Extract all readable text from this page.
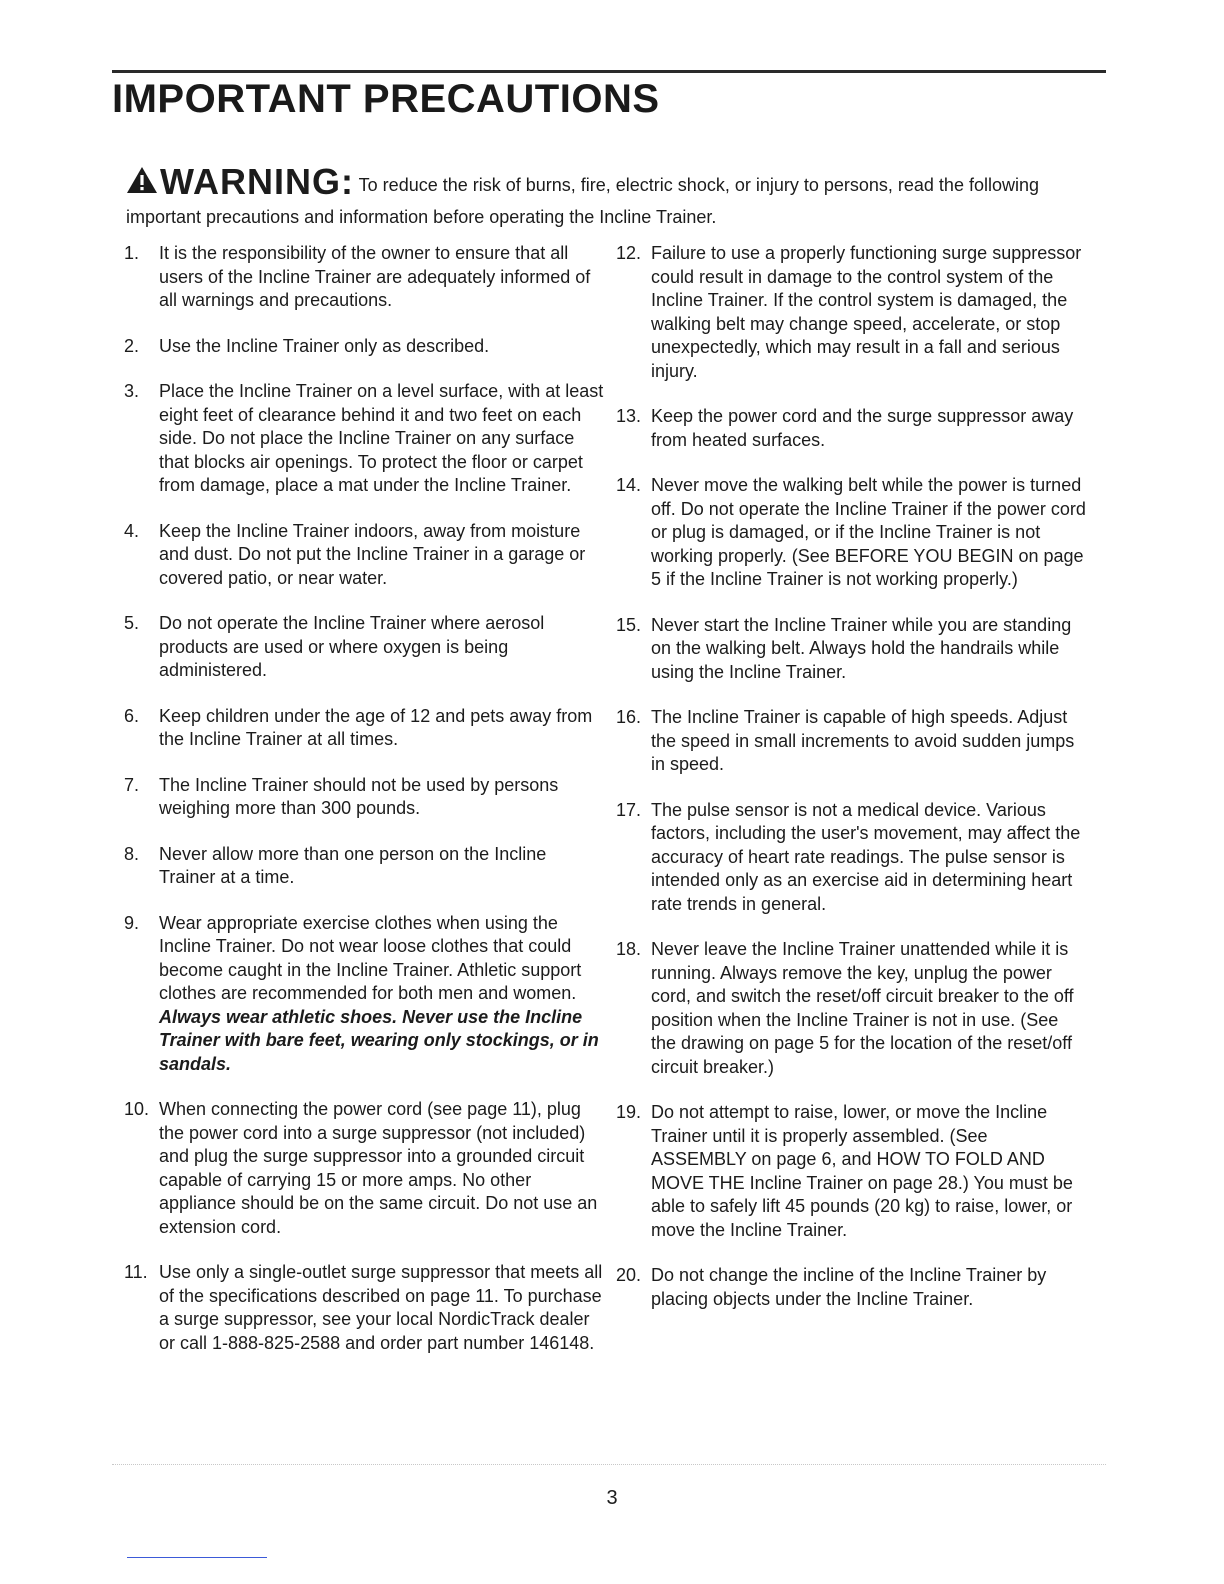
IMPORTANT PRECAUTIONS

WARNING: To reduce the risk of burns, fire, electric shock, or injury to persons, read the following important precautions and information before operating the Incline Trainer.

1.	It is the responsibility of the owner to ensure that all users of the Incline Trainer are adequately informed of all warnings and precautions.
2.	Use the Incline Trainer only as described.
3.	Place the Incline Trainer on a level surface, with at least eight feet of clearance behind it and two feet on each side. Do not place the Incline Trainer on any surface that blocks air openings. To protect the floor or carpet from damage, place a mat under the Incline Trainer.
4.	Keep the Incline Trainer indoors, away from moisture and dust. Do not put the Incline Trainer in a garage or covered patio, or near water.
5.	Do not operate the Incline Trainer where aerosol products are used or where oxygen is being administered.
6.	Keep children under the age of 12 and pets away from the Incline Trainer at all times.
7.	The Incline Trainer should not be used by persons weighing more than 300 pounds.
8.	Never allow more than one person on the Incline Trainer at a time.
9.	Wear appropriate exercise clothes when using the Incline Trainer. Do not wear loose clothes that could become caught in the Incline Trainer. Athletic support clothes are recommended for both men and women. Always wear athletic shoes. Never use the Incline Trainer with bare feet, wearing only stockings, or in sandals.
10. When connecting the power cord (see page 11), plug the power cord into a surge suppressor (not included) and plug the surge suppressor into a grounded circuit capable of carrying 15 or more amps. No other appliance should be on the same circuit. Do not use an extension cord.
11. Use only a single-outlet surge suppressor that meets all of the specifications described on page 11. To purchase a surge suppressor, see your local NordicTrack dealer or call 1-888-825-2588 and order part number 146148.
12. Failure to use a properly functioning surge suppressor could result in damage to the control system of the Incline Trainer. If the control system is damaged, the walking belt may change speed, accelerate, or stop unexpectedly, which may result in a fall and serious injury.
13. Keep the power cord and the surge suppressor away from heated surfaces.
14. Never move the walking belt while the power is turned off. Do not operate the Incline Trainer if the power cord or plug is damaged, or if the Incline Trainer is not working properly. (See BEFORE YOU BEGIN on page 5 if the Incline Trainer is not working properly.)
15. Never start the Incline Trainer while you are standing on the walking belt. Always hold the handrails while using the Incline Trainer.
16. The Incline Trainer is capable of high speeds. Adjust the speed in small increments to avoid sudden jumps in speed.
17. The pulse sensor is not a medical device. Various factors, including the user's movement, may affect the accuracy of heart rate readings. The pulse sensor is intended only as an exercise aid in determining heart rate trends in general.
18. Never leave the Incline Trainer unattended while it is running. Always remove the key, unplug the power cord, and switch the reset/off circuit breaker to the off position when the Incline Trainer is not in use. (See the drawing on page 5 for the location of the reset/off circuit breaker.)
19. Do not attempt to raise, lower, or move the Incline Trainer until it is properly assembled. (See ASSEMBLY on page 6, and HOW TO FOLD AND MOVE THE Incline Trainer on page 28.) You must be able to safely lift 45 pounds (20 kg) to raise, lower, or move the Incline Trainer.
20. Do not change the incline of the Incline Trainer by placing objects under the Incline Trainer.
3
